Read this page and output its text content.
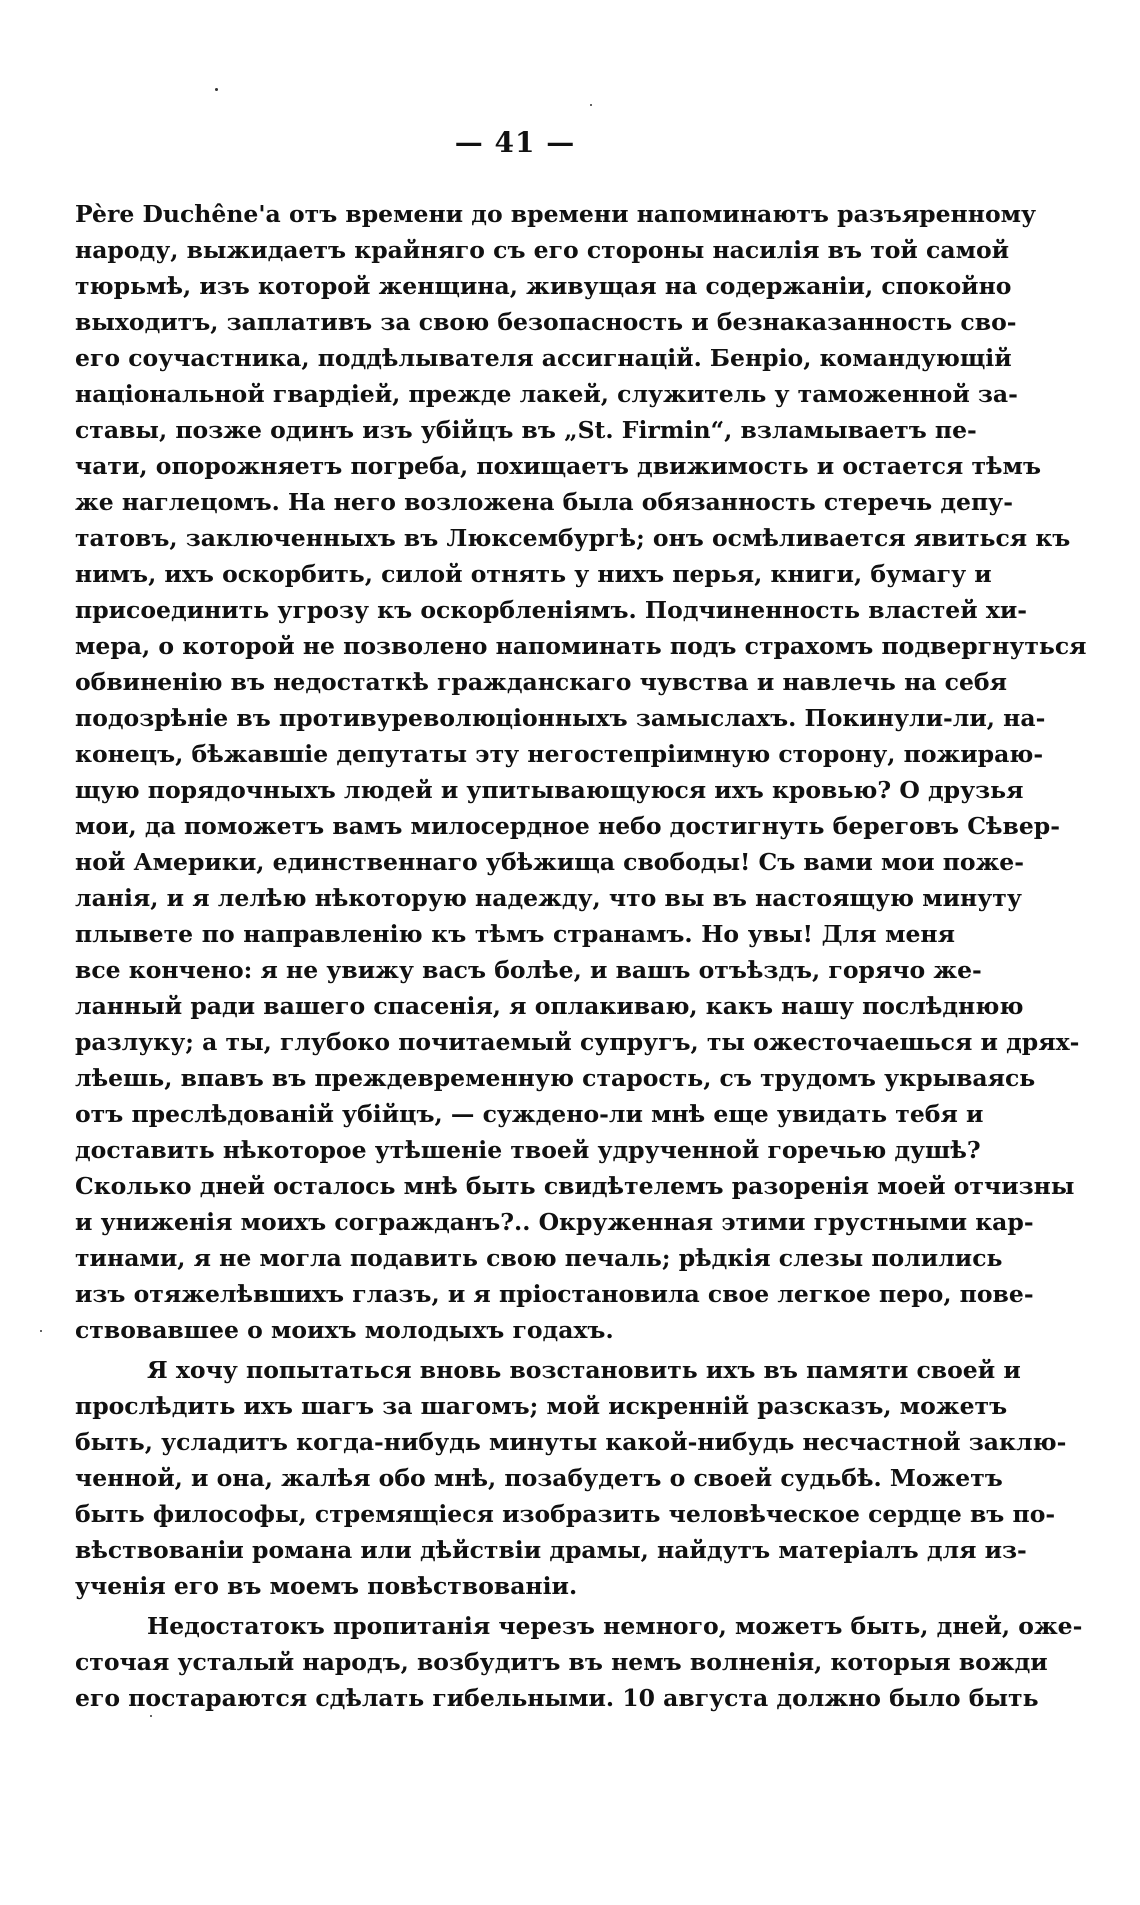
— 41 —
Père Duchêne'а отъ времени до времени напоминаютъ разъяренному
народу, выжидаетъ крайняго съ его стороны насилія въ той самой
тюрьмѣ, изъ которой женщина, живущая на содержаніи, спокойно
выходитъ, заплативъ за свою безопасность и безнаказанность сво-
его соучастника, поддѣлывателя ассигнацій. Бенріо, командующій
національной гвардіей, прежде лакей, служитель у таможенной за-
ставы, позже одинъ изъ убійцъ въ „St. Firmin“, взламываетъ пе-
чати, опорожняетъ погреба, похищаетъ движимость и остается тѣмъ
же наглецомъ. На него возложена была обязанность стеречь депу-
татовъ, заключенныхъ въ Люксембургѣ; онъ осмѣливается явиться къ
нимъ, ихъ оскорбить, силой отнять у нихъ перья, книги, бумагу и
присоединить угрозу къ оскорбленіямъ. Подчиненность властей хи-
мера, о которой не позволено напоминать подъ страхомъ подвергнуться
обвиненію въ недостаткѣ гражданскаго чувства и навлечь на себя
подозрѣніе въ противуреволюціонныхъ замыслахъ. Покинули-ли, на-
конецъ, бѣжавшіе депутаты эту негостепріимную сторону, пожираю-
щую порядочныхъ людей и упитывающуюся ихъ кровью? О друзья
мои, да поможетъ вамъ милосердное небо достигнуть береговъ Сѣвер-
ной Америки, единственнаго убѣжища свободы! Съ вами мои поже-
ланія, и я лелѣю нѣкоторую надежду, что вы въ настоящую минуту
плывете по направленію къ тѣмъ странамъ. Но увы! Для меня
все кончено: я не увижу васъ болѣе, и вашъ отъѣздъ, горячо же-
ланный ради вашего спасенія, я оплакиваю, какъ нашу послѣднюю
разлуку; а ты, глубоко почитаемый супругъ, ты ожесточаешься и дрях-
лѣешь, впавъ въ преждевременную старость, съ трудомъ укрываясь
отъ преслѣдованій убійцъ, — суждено-ли мнѣ еще увидать тебя и
доставить нѣкоторое утѣшеніе твоей удрученной горечью душѣ?
Сколько дней осталось мнѣ быть свидѣтелемъ разоренія моей отчизны
и униженія моихъ согражданъ?.. Окруженная этими грустными кар-
тинами, я не могла подавить свою печаль; рѣдкія слезы полились
изъ отяжелѣвшихъ глазъ, и я пріостановила свое легкое перо, пове-
ствовавшее о моихъ молодыхъ годахъ.
Я хочу попытаться вновь возстановить ихъ въ памяти своей и
прослѣдить ихъ шагъ за шагомъ; мой искренній разсказъ, можетъ
быть, усладитъ когда-нибудь минуты какой-нибудь несчастной заклю-
ченной, и она, жалѣя обо мнѣ, позабудетъ о своей судьбѣ. Можетъ
быть философы, стремящіеся изобразить человѣческое сердце въ по-
вѣствованіи романа или дѣйствіи драмы, найдутъ матеріалъ для из-
ученія его въ моемъ повѣствованіи.
Недостатокъ пропитанія черезъ немного, можетъ быть, дней, оже-
сточая усталый народъ, возбудитъ въ немъ волненія, которыя вожди
его постараются сдѣлать гибельными. 10 августа должно было быть
